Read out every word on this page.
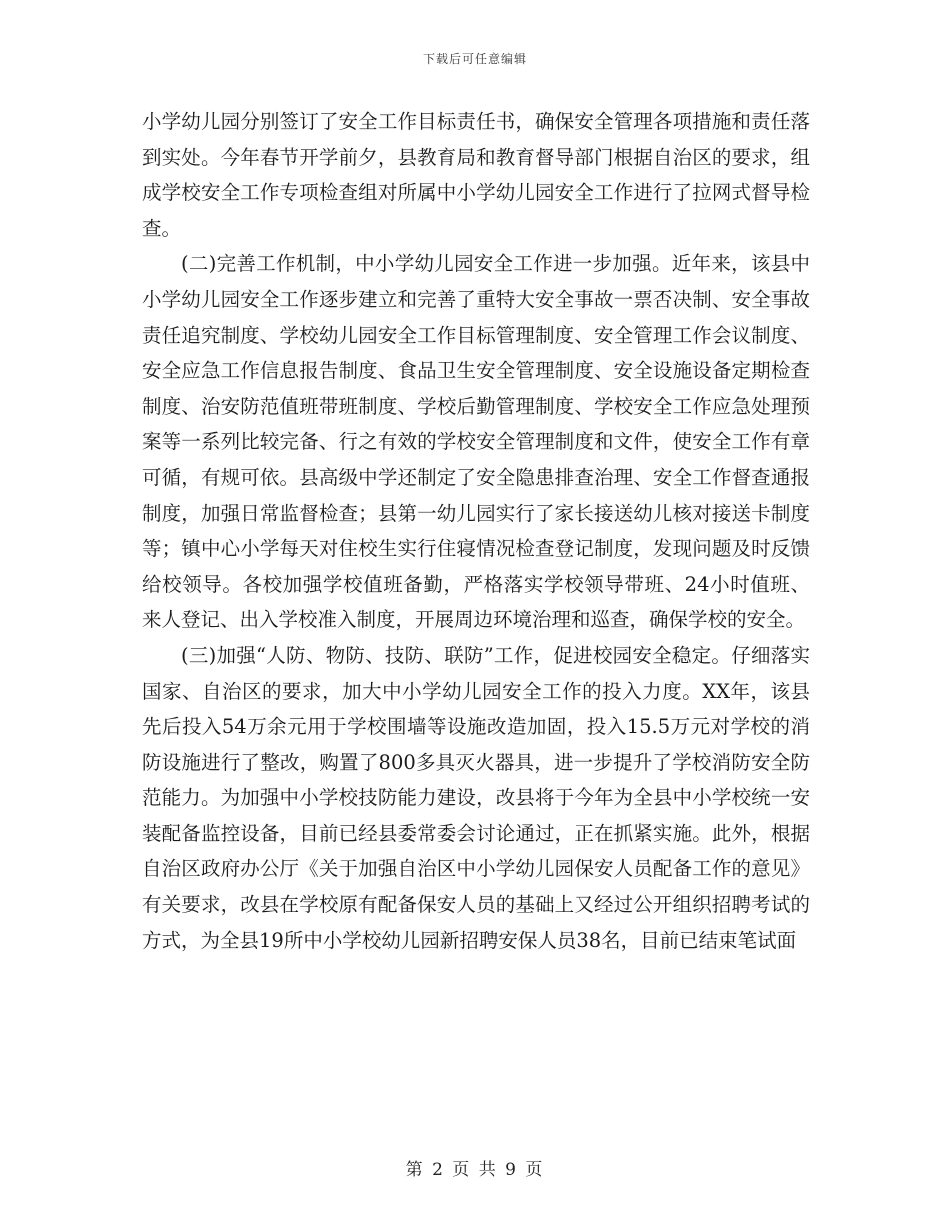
下载后可任意编辑

小学幼儿园分别签订了安全工作目标责任书，确保安全管理各项措施和责任落到实处。今年春节开学前夕，县教育局和教育督导部门根据自治区的要求，组成学校安全工作专项检查组对所属中小学幼儿园安全工作进行了拉网式督导检查。

(二)完善工作机制，中小学幼儿园安全工作进一步加强。近年来，该县中小学幼儿园安全工作逐步建立和完善了重特大安全事故一票否决制、安全事故责任追究制度、学校幼儿园安全工作目标管理制度、安全管理工作会议制度、安全应急工作信息报告制度、食品卫生安全管理制度、安全设施设备定期检查制度、治安防范值班带班制度、学校后勤管理制度、学校安全工作应急处理预案等一系列比较完备、行之有效的学校安全管理制度和文件，使安全工作有章可循，有规可依。县高级中学还制定了安全隐患排查治理、安全工作督查通报制度，加强日常监督检查；县第一幼儿园实行了家长接送幼儿核对接送卡制度等；镇中心小学每天对住校生实行住寝情况检查登记制度，发现问题及时反馈给校领导。各校加强学校值班备勤，严格落实学校领导带班、24小时值班、来人登记、出入学校准入制度，开展周边环境治理和巡查，确保学校的安全。

(三)加强“人防、物防、技防、联防”工作，促进校园安全稳定。仔细落实国家、自治区的要求，加大中小学幼儿园安全工作的投入力度。XX年，该县先后投入54万余元用于学校围墙等设施改造加固，投入15.5万元对学校的消防设施进行了整改，购置了800多具灭火器具，进一步提升了学校消防安全防范能力。为加强中小学校技防能力建设，改县将于今年为全县中小学校统一安装配备监控设备，目前已经县委常委会讨论通过，正在抓紧实施。此外，根据自治区政府办公厅《关于加强自治区中小学幼儿园保安人员配备工作的意见》有关要求，改县在学校原有配备保安人员的基础上又经过公开组织招聘考试的方式，为全县19所中小学校幼儿园新招聘安保人员38名，目前已结束笔试面

第 2 页 共 9 页
